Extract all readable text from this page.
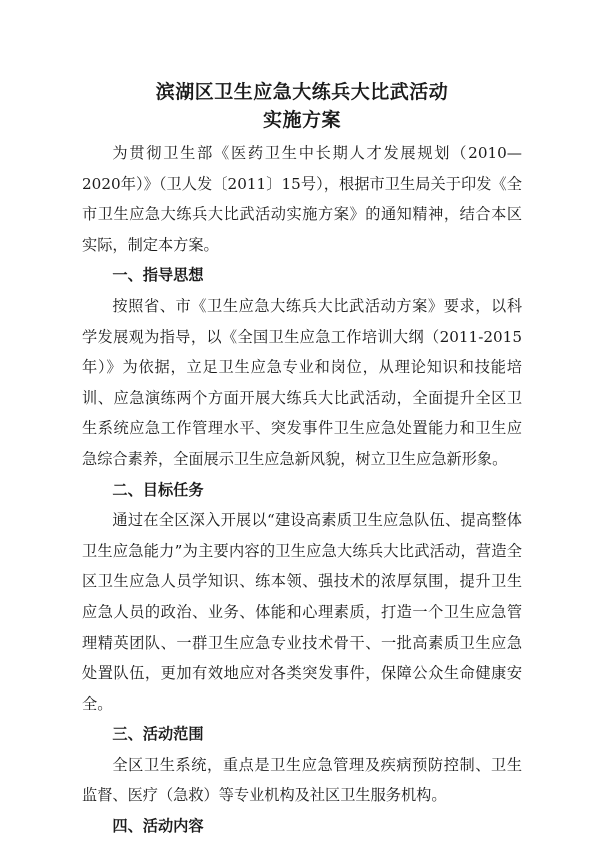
滨湖区卫生应急大练兵大比武活动
实施方案

为贯彻卫生部《医药卫生中长期人才发展规划（2010—2020年）》（卫人发〔2011〕15号），根据市卫生局关于印发《全市卫生应急大练兵大比武活动实施方案》的通知精神，结合本区实际，制定本方案。

一、指导思想

按照省、市《卫生应急大练兵大比武活动方案》要求，以科学发展观为指导，以《全国卫生应急工作培训大纲（2011-2015年）》为依据，立足卫生应急专业和岗位，从理论知识和技能培训、应急演练两个方面开展大练兵大比武活动，全面提升全区卫生系统应急工作管理水平、突发事件卫生应急处置能力和卫生应急综合素养，全面展示卫生应急新风貌，树立卫生应急新形象。

二、目标任务

通过在全区深入开展以“建设高素质卫生应急队伍、提高整体卫生应急能力”为主要内容的卫生应急大练兵大比武活动，营造全区卫生应急人员学知识、练本领、强技术的浓厚氛围，提升卫生应急人员的政治、业务、体能和心理素质，打造一个卫生应急管理精英团队、一群卫生应急专业技术骨干、一批高素质卫生应急处置队伍，更加有效地应对各类突发事件，保障公众生命健康安全。

三、活动范围

全区卫生系统，重点是卫生应急管理及疾病预防控制、卫生监督、医疗（急救）等专业机构及社区卫生服务机构。

四、活动内容
